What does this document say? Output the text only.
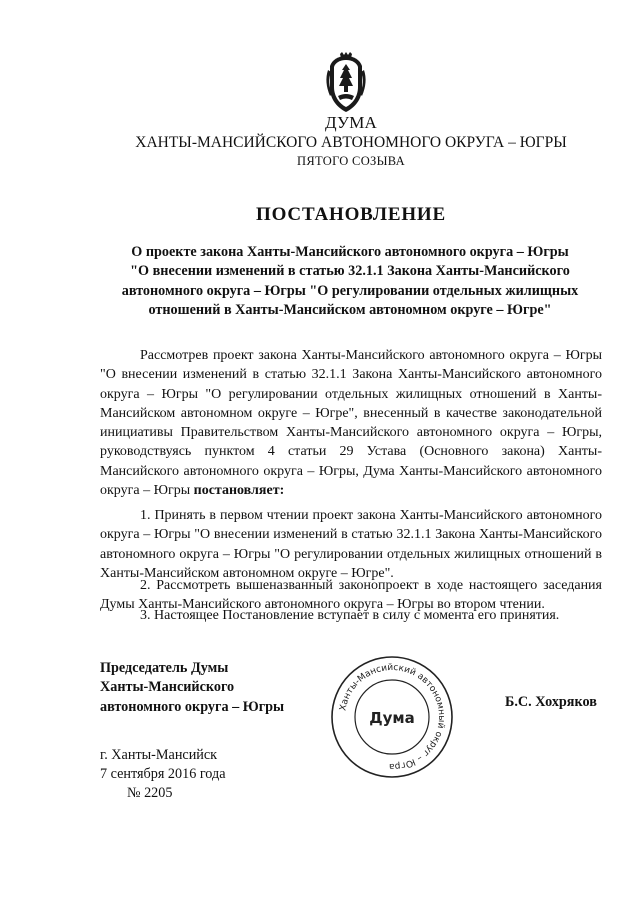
ДУМА
ХАНТЫ-МАНСИЙСКОГО АВТОНОМНОГО ОКРУГА – ЮГРЫ
ПЯТОГО СОЗЫВА
ПОСТАНОВЛЕНИЕ
О проекте закона Ханты-Мансийского автономного округа – Югры
"О внесении изменений в статью 32.1.1 Закона Ханты-Мансийского
автономного округа – Югры "О регулировании отдельных жилищных
отношений в Ханты-Мансийском автономном округе – Югре"

Рассмотрев проект закона Ханты-Мансийского автономного округа – Югры "О внесении изменений в статью 32.1.1 Закона Ханты-Мансийского автономного округа – Югры "О регулировании отдельных жилищных отношений в Ханты-Мансийском автономном округе – Югре", внесенный в качестве законодательной инициативы Правительством Ханты-Мансийского автономного округа – Югры, руководствуясь пунктом 4 статьи 29 Устава (Основного закона) Ханты-Мансийского автономного округа – Югры, Дума Ханты-Мансийского автономного округа – Югры постановляет:

1. Принять в первом чтении проект закона Ханты-Мансийского автономного округа – Югры "О внесении изменений в статью 32.1.1 Закона Ханты-Мансийского автономного округа – Югры "О регулировании отдельных жилищных отношений в Ханты-Мансийском автономном округе – Югре".

2. Рассмотреть вышеназванный законопроект в ходе настоящего заседания Думы Ханты-Мансийского автономного округа – Югры во втором чтении.

3. Настоящее Постановление вступает в силу с момента его принятия.

Председатель Думы
Ханты-Мансийского
автономного округа – Югры	Ханты-Мансийский автономный округ – Югра
Дума
Б.С. Хохряков
г. Ханты-Мансийск
7 сентября 2016 года
№ 2205
